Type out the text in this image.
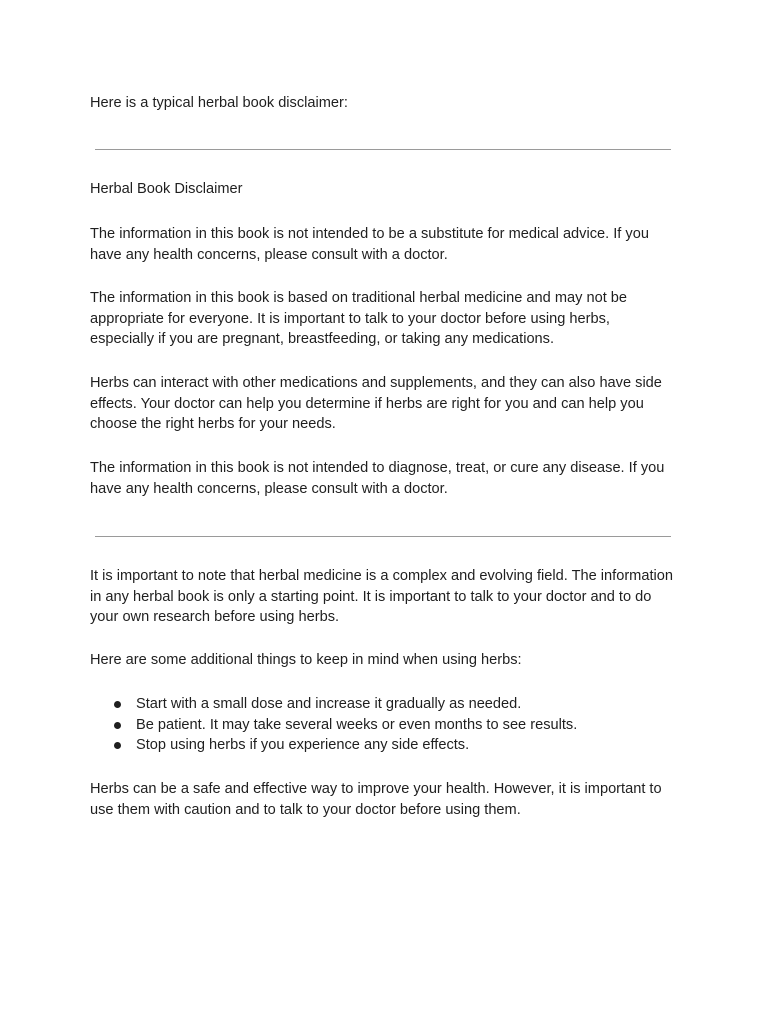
Here is a typical herbal book disclaimer:

Herbal Book Disclaimer

The information in this book is not intended to be a substitute for medical advice. If you have any health concerns, please consult with a doctor.

The information in this book is based on traditional herbal medicine and may not be appropriate for everyone. It is important to talk to your doctor before using herbs, especially if you are pregnant, breastfeeding, or taking any medications.

Herbs can interact with other medications and supplements, and they can also have side effects. Your doctor can help you determine if herbs are right for you and can help you choose the right herbs for your needs.

The information in this book is not intended to diagnose, treat, or cure any disease. If you have any health concerns, please consult with a doctor.

It is important to note that herbal medicine is a complex and evolving field. The information in any herbal book is only a starting point. It is important to talk to your doctor and to do your own research before using herbs.

Here are some additional things to keep in mind when using herbs:

Start with a small dose and increase it gradually as needed.
Be patient. It may take several weeks or even months to see results.
Stop using herbs if you experience any side effects.

Herbs can be a safe and effective way to improve your health. However, it is important to use them with caution and to talk to your doctor before using them.
